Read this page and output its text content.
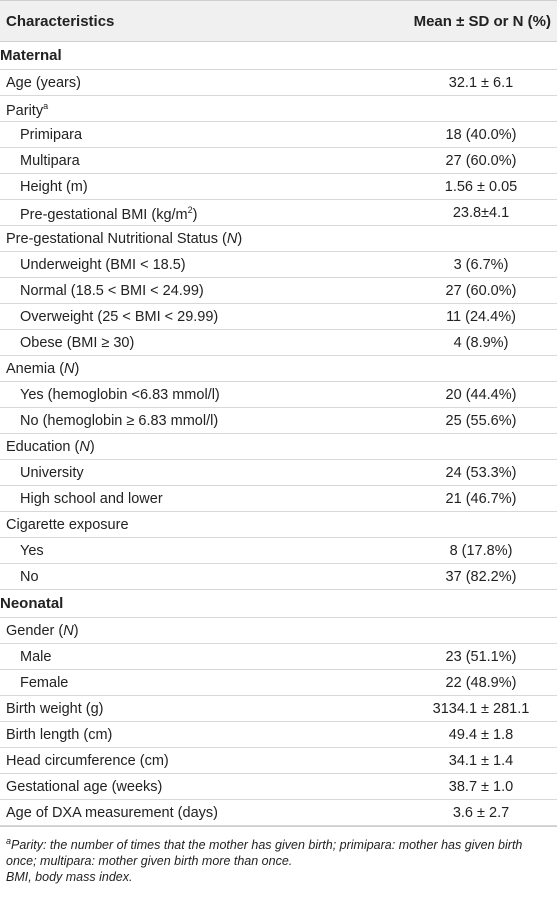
Characteristics	Mean ± SD or N (%)
Maternal
Age (years)	32.1 ± 6.1
Parity$^a$
Primipara	18 (40.0%)
Multipara	27 (60.0%)
Height (m)	1.56 ± 0.05
Pre-gestational BMI $(kg/m^2)$	23.8±4.1
Pre-gestational Nutritional Status (N)
Underweight (BMI < 18.5)	3 (6.7%)
Normal (18.5 < BMI < 24.99)	27 (60.0%)
Overweight (25 < BMI < 29.99)	11 (24.4%)
Obese (BMI ≥ 30)	4 (8.9%)
Anemia (N)
Yes (hemoglobin <6.83 mmol/l)	20 (44.4%)
No (hemoglobin ≥ 6.83 mmol/l)	25 (55.6%)
Education (N)
University	24 (53.3%)
High school and lower	21 (46.7%)
Cigarette exposure
Yes	8 (17.8%)
No	37 (82.2%)
Neonatal
Gender (N)
Male	23 (51.1%)
Female	22 (48.9%)
Birth weight (g)	3134.1 ± 281.1
Birth length (cm)	49.4 ± 1.8
Head circumference (cm)	34.1 ± 1.4
Gestational age (weeks)	38.7 ± 1.0
Age of DXA measurement (days)	3.6 ± 2.7
$^a$Parity: the number of times that the mother has given birth; primipara: mother has given birth once; multipara: mother given birth more than once.
BMI, body mass index.
